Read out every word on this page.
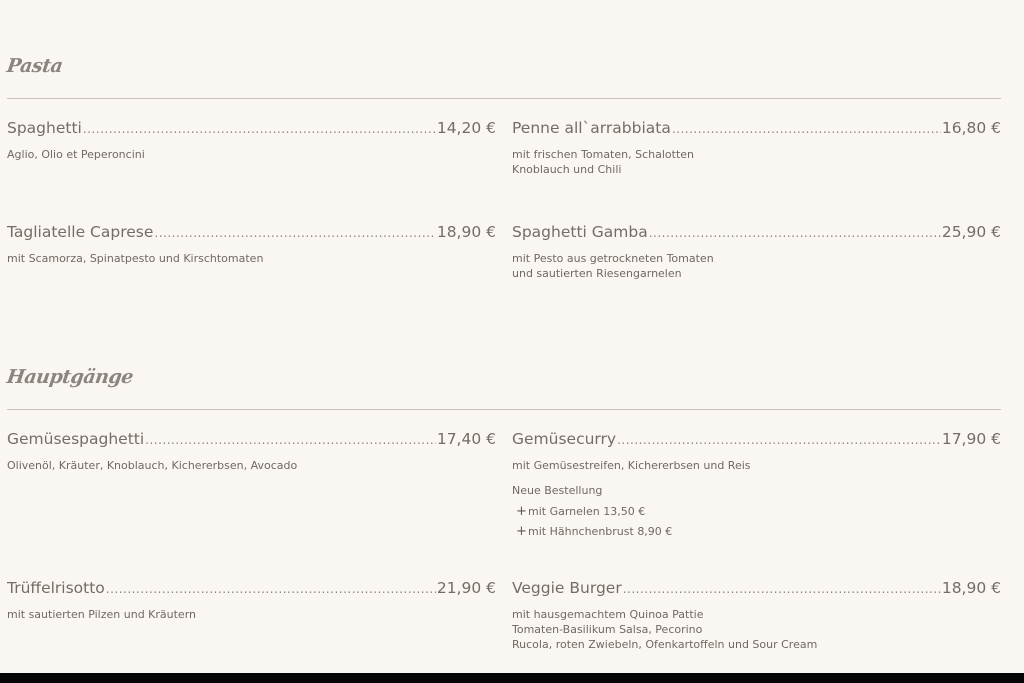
Pasta
Spaghetti .....	14,20 €
Aglio, Olio et Peperoncini
Penne all`arrabbiata .....	16,80 €
mit frischen Tomaten, Schalotten
Knoblauch und Chili
Tagliatelle Caprese .....	18,90 €
mit Scamorza, Spinatpesto und Kirschtomaten
Spaghetti Gamba .....	25,90 €
mit Pesto aus getrockneten Tomaten
und sautierten Riesengarnelen
Hauptgänge
Gemüsespaghetti .....	17,40 €
Olivenöl, Kräuter, Knoblauch, Kichererbsen, Avocado
Gemüsecurry .....	17,90 €
mit Gemüsestreifen, Kichererbsen und Reis
Neue Bestellung
+ mit Garnelen 13,50 €
+ mit Hähnchenbrust 8,90 €
Trüffelrisotto .....	21,90 €
mit sautierten Pilzen und Kräutern
Veggie Burger .....	18,90 €
mit hausgemachtem Quinoa Pattie
Tomaten-Basilikum Salsa, Pecorino
Rucola, roten Zwiebeln, Ofenkartoffeln und Sour Cream
